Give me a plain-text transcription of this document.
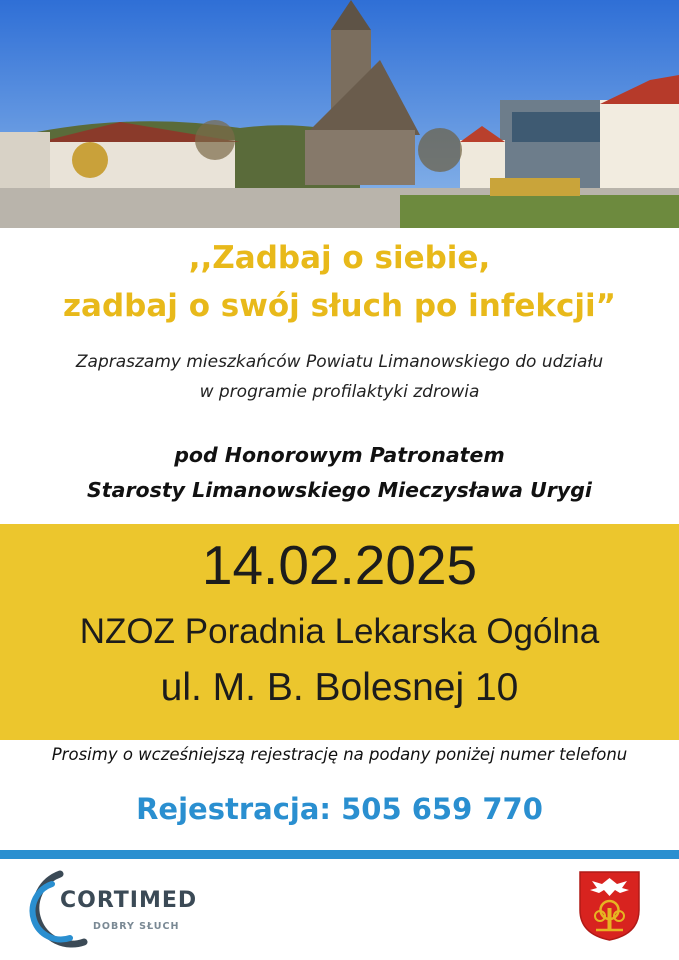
,,Zadbaj o siebie,
zadbaj o swój słuch po infekcji”
Zapraszamy mieszkańców Powiatu Limanowskiego do udziału
w programie profilaktyki zdrowia
pod Honorowym Patronatem
Starosty Limanowskiego Mieczysława Urygi
14.02.2025
NZOZ Poradnia Lekarska Ogólna
ul. M. B. Bolesnej 10
Prosimy o wcześniejszą rejestrację na podany poniżej numer telefonu
Rejestracja: 505 659 770
CORTIMED
DOBRY SŁUCH
